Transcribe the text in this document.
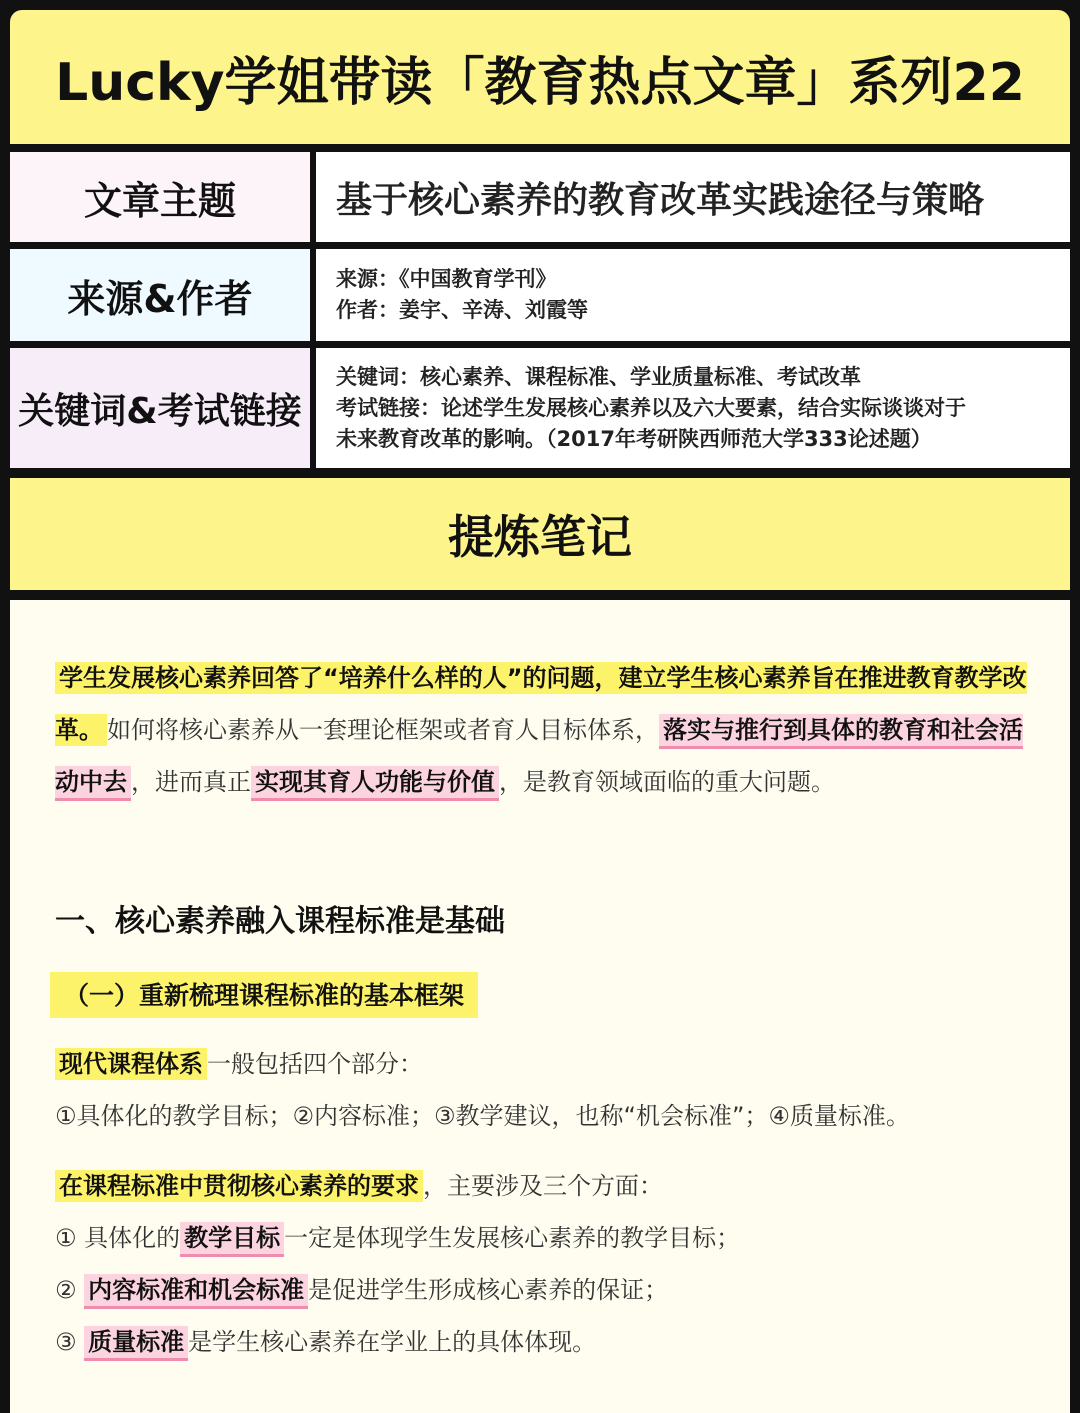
Lucky学姐带读「教育热点文章」系列22
文章主题	基于核心素养的教育改革实践途径与策略
来源&作者	来源：《中国教育学刊》
作者：姜宇、辛涛、刘霞等
关键词&考试链接
关键词：核心素养、课程标准、学业质量标准、考试改革
考试链接：论述学生发展核心素养以及六大要素，结合实际谈谈对于
未来教育改革的影响。（2017年考研陕西师范大学333论述题）
提炼笔记
学生发展核心素养回答了“培养什么样的人”的问题，建立学生核心素养旨在推进教育教学改革。 如何将核心素养从一套理论框架或者育人目标体系， 落实与推行到具体的教育和社会活动中去 ，进而真正 实现其育人功能与价值 ，是教育领域面临的重大问题。
一、核心素养融入课程标准是基础
（一）重新梳理课程标准的基本框架
现代课程体系 一般包括四个部分：
①具体化的教学目标；②内容标准；③教学建议，也称“机会标准”；④质量标准。
在课程标准中贯彻核心素养的要求 ，主要涉及三个方面：
① 具体化的 教学目标 一定是体现学生发展核心素养的教学目标；
② 内容标准和机会标准 是促进学生形成核心素养的保证；
③ 质量标准 是学生核心素养在学业上的具体体现。
